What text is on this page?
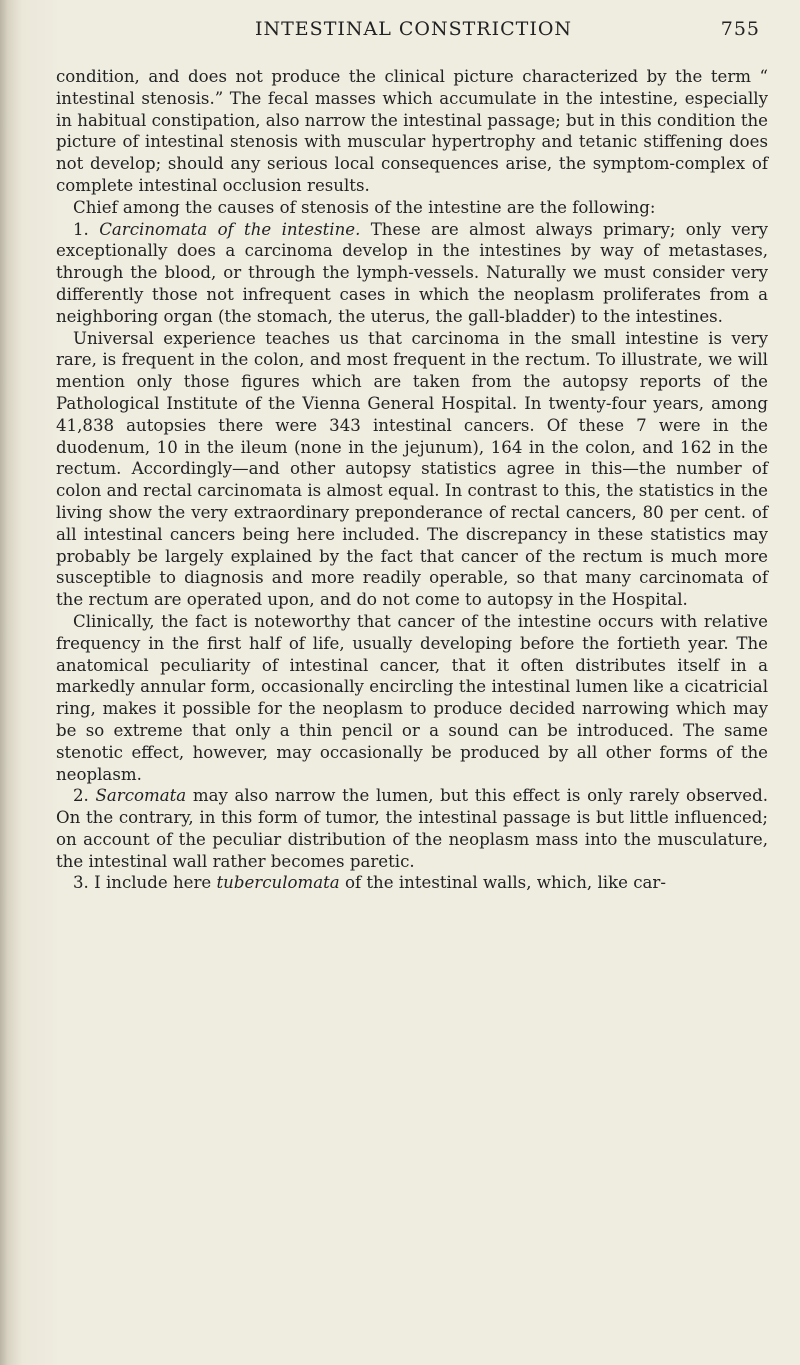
INTESTINAL CONSTRICTION	755

condition, and does not produce the clinical picture characterized by the term “ intestinal stenosis.” The fecal masses which accumulate in the intestine, especially in habitual constipation, also narrow the intestinal passage; but in this condition the picture of intestinal stenosis with muscular hypertrophy and tetanic stiffening does not develop; should any serious local consequences arise, the symptom-complex of complete intestinal occlusion results.

Chief among the causes of stenosis of the intestine are the following:

1. Carcinomata of the intestine. These are almost always primary; only very exceptionally does a carcinoma develop in the intestines by way of metastases, through the blood, or through the lymph-vessels. Naturally we must consider very differently those not infrequent cases in which the neoplasm proliferates from a neighboring organ (the stomach, the uterus, the gall-bladder) to the intestines.

Universal experience teaches us that carcinoma in the small intestine is very rare, is frequent in the colon, and most frequent in the rectum. To illustrate, we will mention only those figures which are taken from the autopsy reports of the Pathological Institute of the Vienna General Hospital. In twenty-four years, among 41,838 autopsies there were 343 intestinal cancers. Of these 7 were in the duodenum, 10 in the ileum (none in the jejunum), 164 in the colon, and 162 in the rectum. Accordingly—and other autopsy statistics agree in this—the number of colon and rectal carcinomata is almost equal. In contrast to this, the statistics in the living show the very extraordinary preponderance of rectal cancers, 80 per cent. of all intestinal cancers being here included. The discrepancy in these statistics may probably be largely explained by the fact that cancer of the rectum is much more susceptible to diagnosis and more readily operable, so that many carcinomata of the rectum are operated upon, and do not come to autopsy in the Hospital.

Clinically, the fact is noteworthy that cancer of the intestine occurs with relative frequency in the first half of life, usually developing before the fortieth year. The anatomical peculiarity of intestinal cancer, that it often distributes itself in a markedly annular form, occasionally encircling the intestinal lumen like a cicatricial ring, makes it possible for the neoplasm to produce decided narrowing which may be so extreme that only a thin pencil or a sound can be introduced. The same stenotic effect, however, may occasionally be produced by all other forms of the neoplasm.

2. Sarcomata may also narrow the lumen, but this effect is only rarely observed. On the contrary, in this form of tumor, the intestinal passage is but little influenced; on account of the peculiar distribution of the neoplasm mass into the musculature, the intestinal wall rather becomes paretic.

3. I include here tuberculomata of the intestinal walls, which, like car-
